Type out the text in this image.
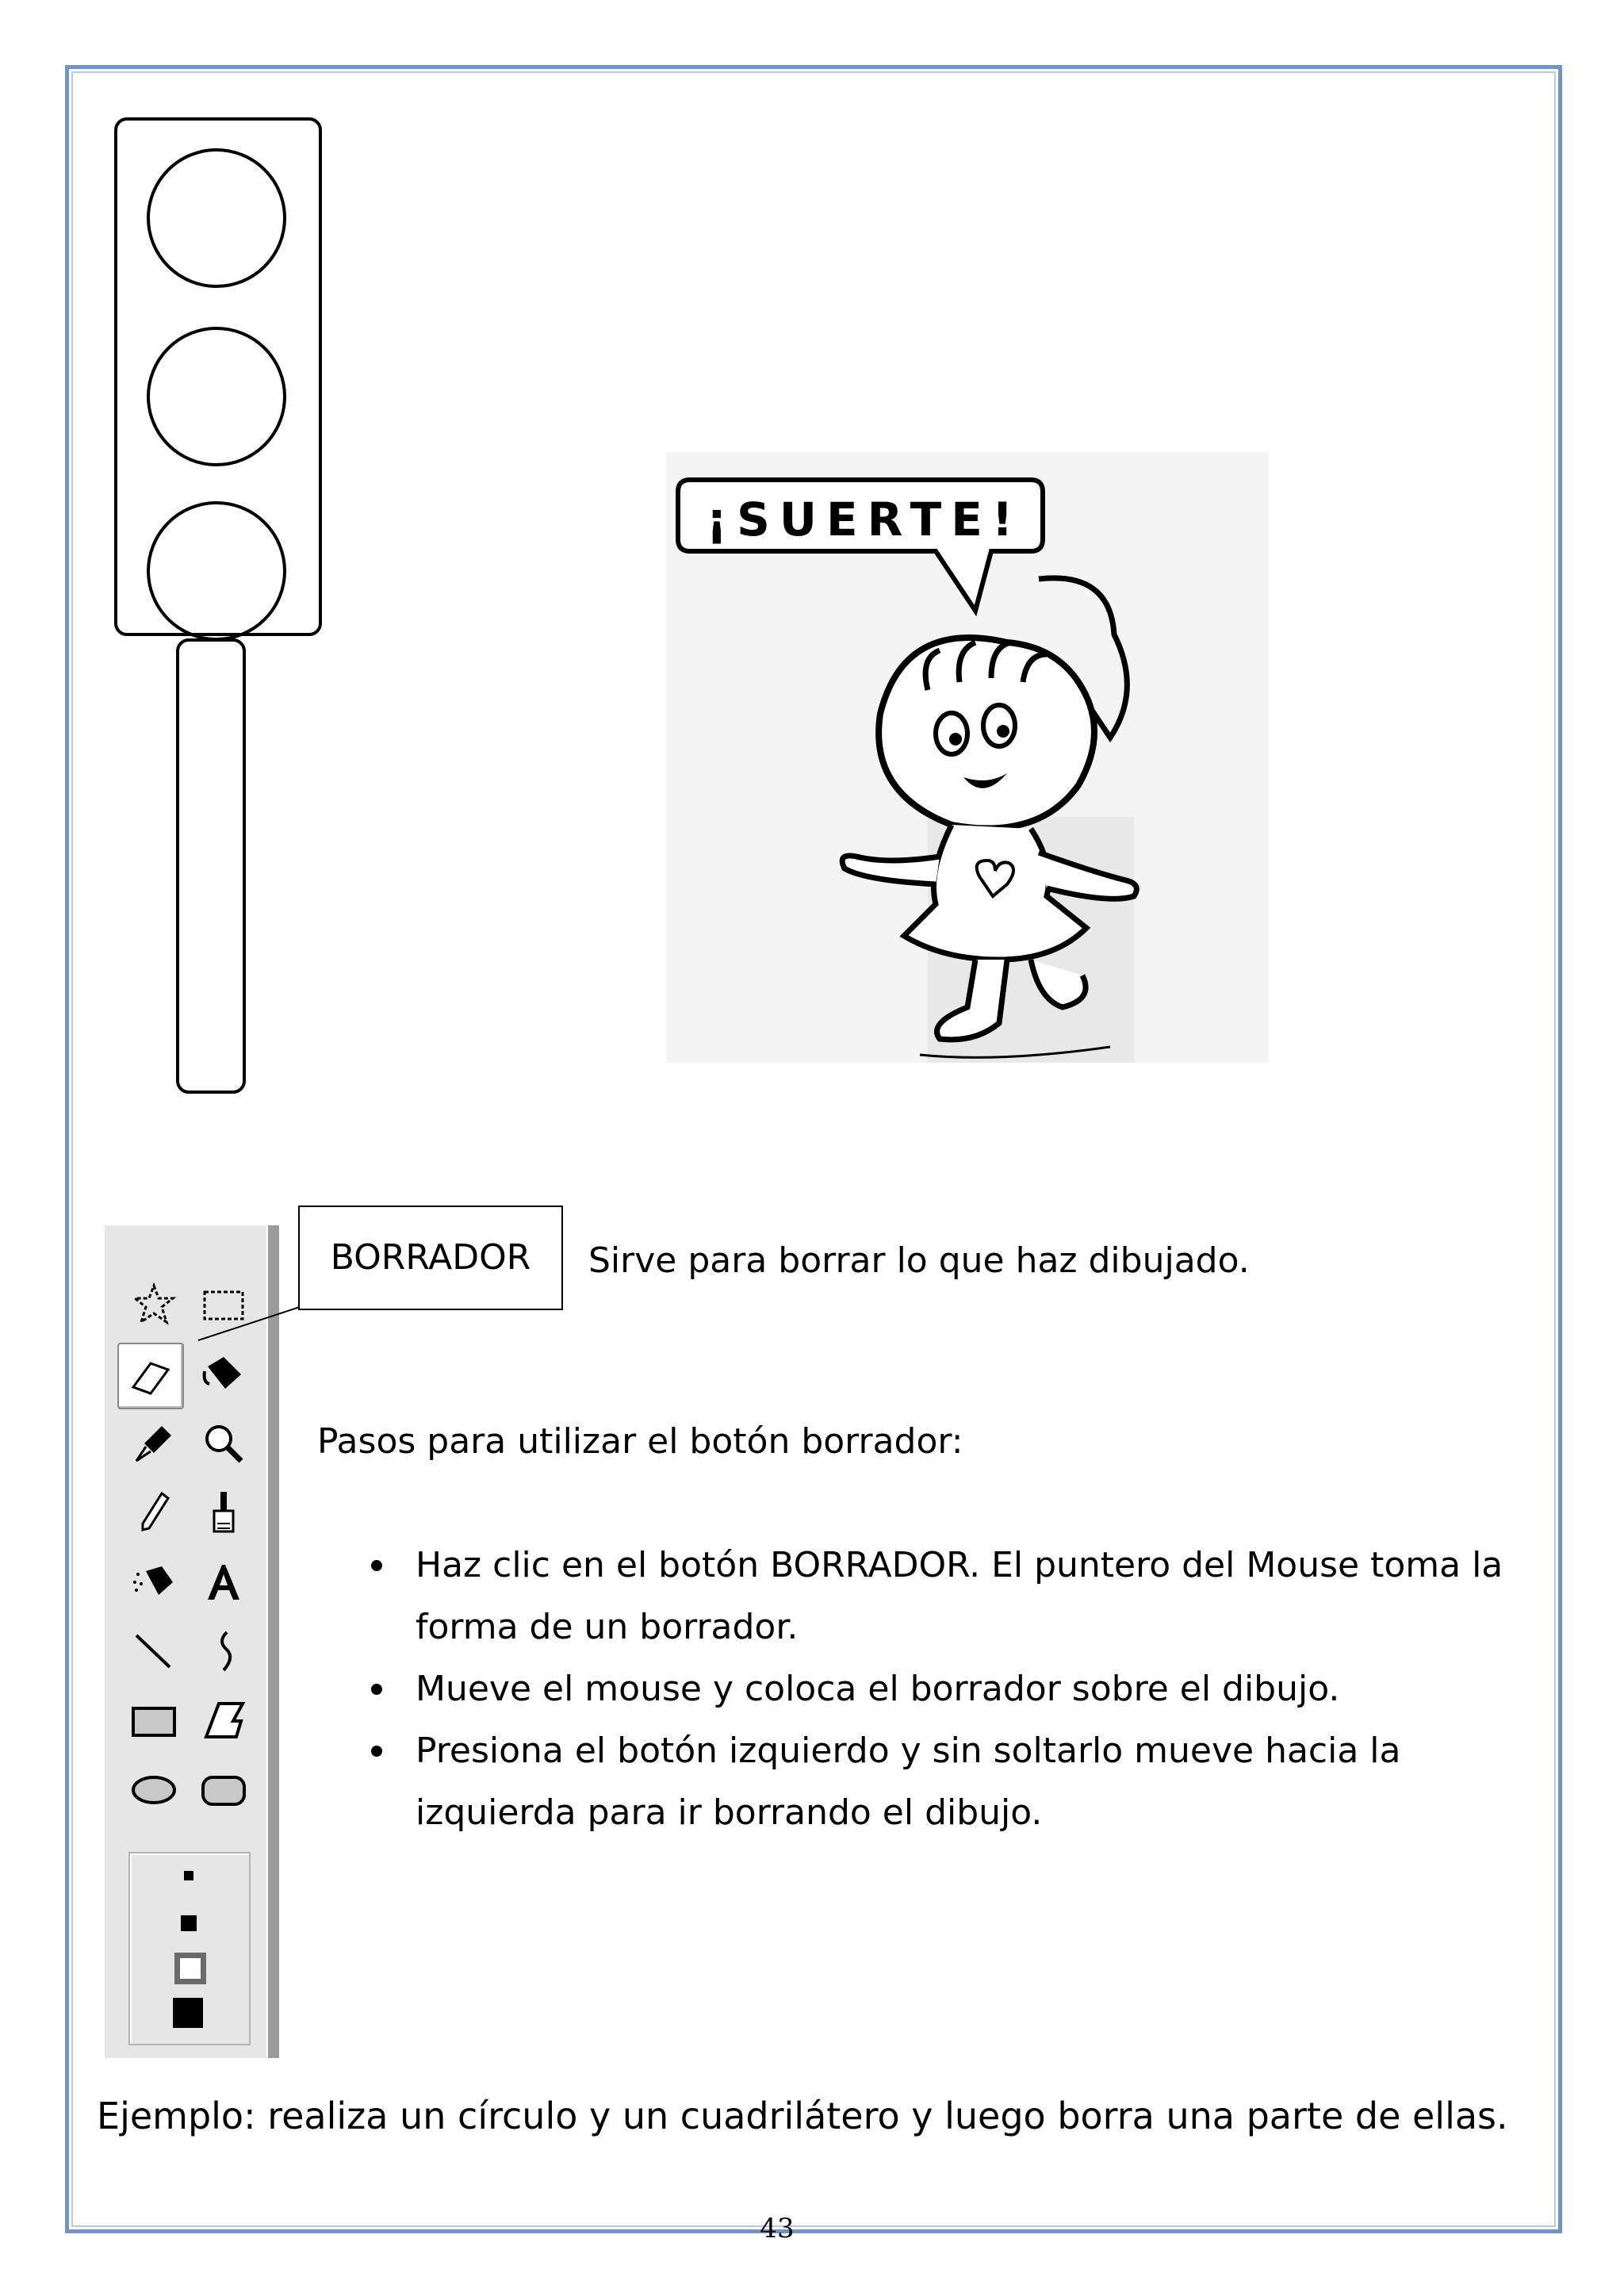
¡SUERTE!
BORRADOR	Sirve para borrar lo que haz dibujado.
Pasos para utilizar el botón borrador:
Haz clic en el botón BORRADOR. El puntero del Mouse toma la forma de un borrador.
Mueve el mouse y coloca el borrador sobre el dibujo.
Presiona el botón izquierdo y sin soltarlo mueve hacia la izquierda para ir borrando el dibujo.
Ejemplo: realiza un círculo y un cuadrilátero y luego borra una parte de ellas.
43
